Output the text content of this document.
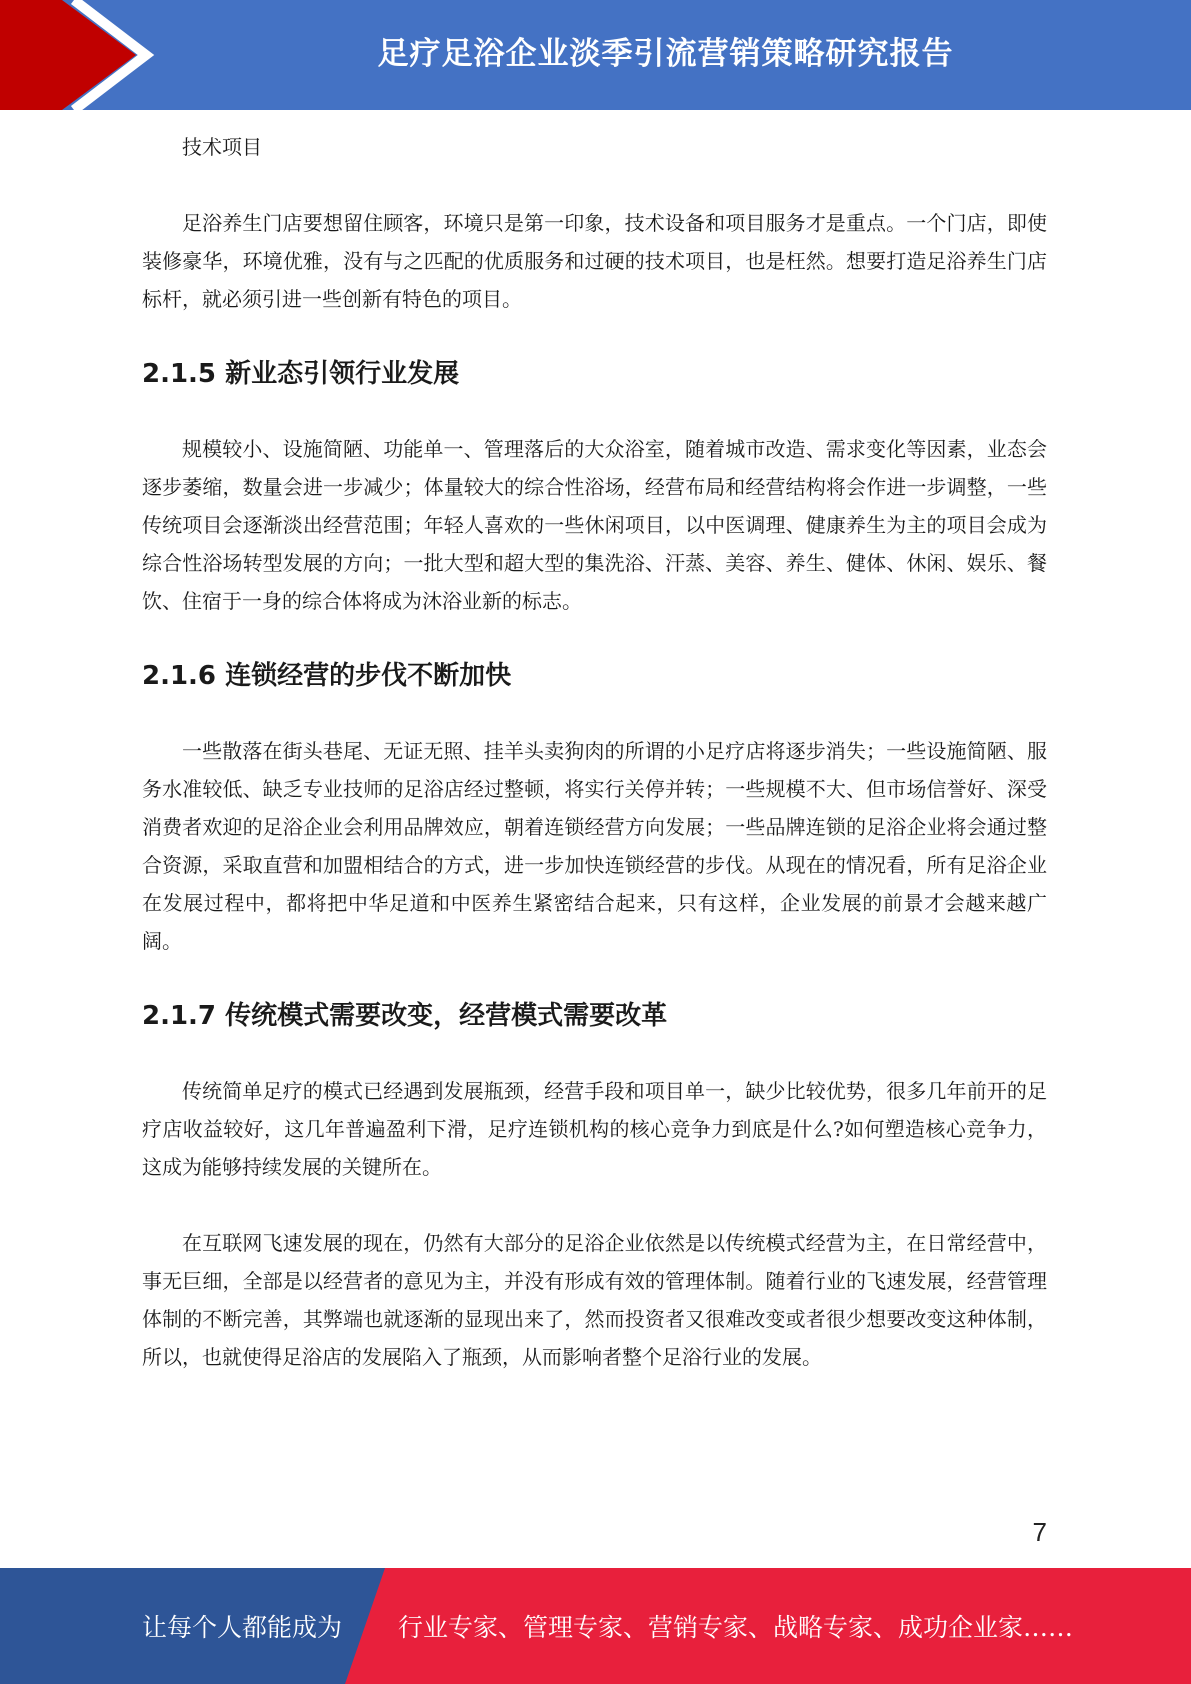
足疗足浴企业淡季引流营销策略研究报告

技术项目

足浴养生门店要想留住顾客，环境只是第一印象，技术设备和项目服务才是重点。一个门店，即使装修豪华，环境优雅，没有与之匹配的优质服务和过硬的技术项目，也是枉然。想要打造足浴养生门店标杆，就必须引进一些创新有特色的项目。

2.1.5 新业态引领行业发展

规模较小、设施简陋、功能单一、管理落后的大众浴室，随着城市改造、需求变化等因素，业态会逐步萎缩，数量会进一步减少；体量较大的综合性浴场，经营布局和经营结构将会作进一步调整，一些传统项目会逐渐淡出经营范围；年轻人喜欢的一些休闲项目，以中医调理、健康养生为主的项目会成为综合性浴场转型发展的方向；一批大型和超大型的集洗浴、汗蒸、美容、养生、健体、休闲、娱乐、餐饮、住宿于一身的综合体将成为沐浴业新的标志。

2.1.6 连锁经营的步伐不断加快

一些散落在街头巷尾、无证无照、挂羊头卖狗肉的所谓的小足疗店将逐步消失；一些设施简陋、服务水准较低、缺乏专业技师的足浴店经过整顿，将实行关停并转；一些规模不大、但市场信誉好、深受消费者欢迎的足浴企业会利用品牌效应，朝着连锁经营方向发展；一些品牌连锁的足浴企业将会通过整合资源，采取直营和加盟相结合的方式，进一步加快连锁经营的步伐。从现在的情况看，所有足浴企业在发展过程中，都将把中华足道和中医养生紧密结合起来，只有这样，企业发展的前景才会越来越广阔。

2.1.7 传统模式需要改变，经营模式需要改革

传统简单足疗的模式已经遇到发展瓶颈，经营手段和项目单一，缺少比较优势，很多几年前开的足疗店收益较好，这几年普遍盈利下滑，足疗连锁机构的核心竞争力到底是什么?如何塑造核心竞争力，这成为能够持续发展的关键所在。

在互联网飞速发展的现在，仍然有大部分的足浴企业依然是以传统模式经营为主，在日常经营中，事无巨细，全部是以经营者的意见为主，并没有形成有效的管理体制。随着行业的飞速发展，经营管理体制的不断完善，其弊端也就逐渐的显现出来了，然而投资者又很难改变或者很少想要改变这种体制，所以，也就使得足浴店的发展陷入了瓶颈，从而影响者整个足浴行业的发展。

7
让每个人都能成为 行业专家、管理专家、营销专家、战略专家、成功企业家……
